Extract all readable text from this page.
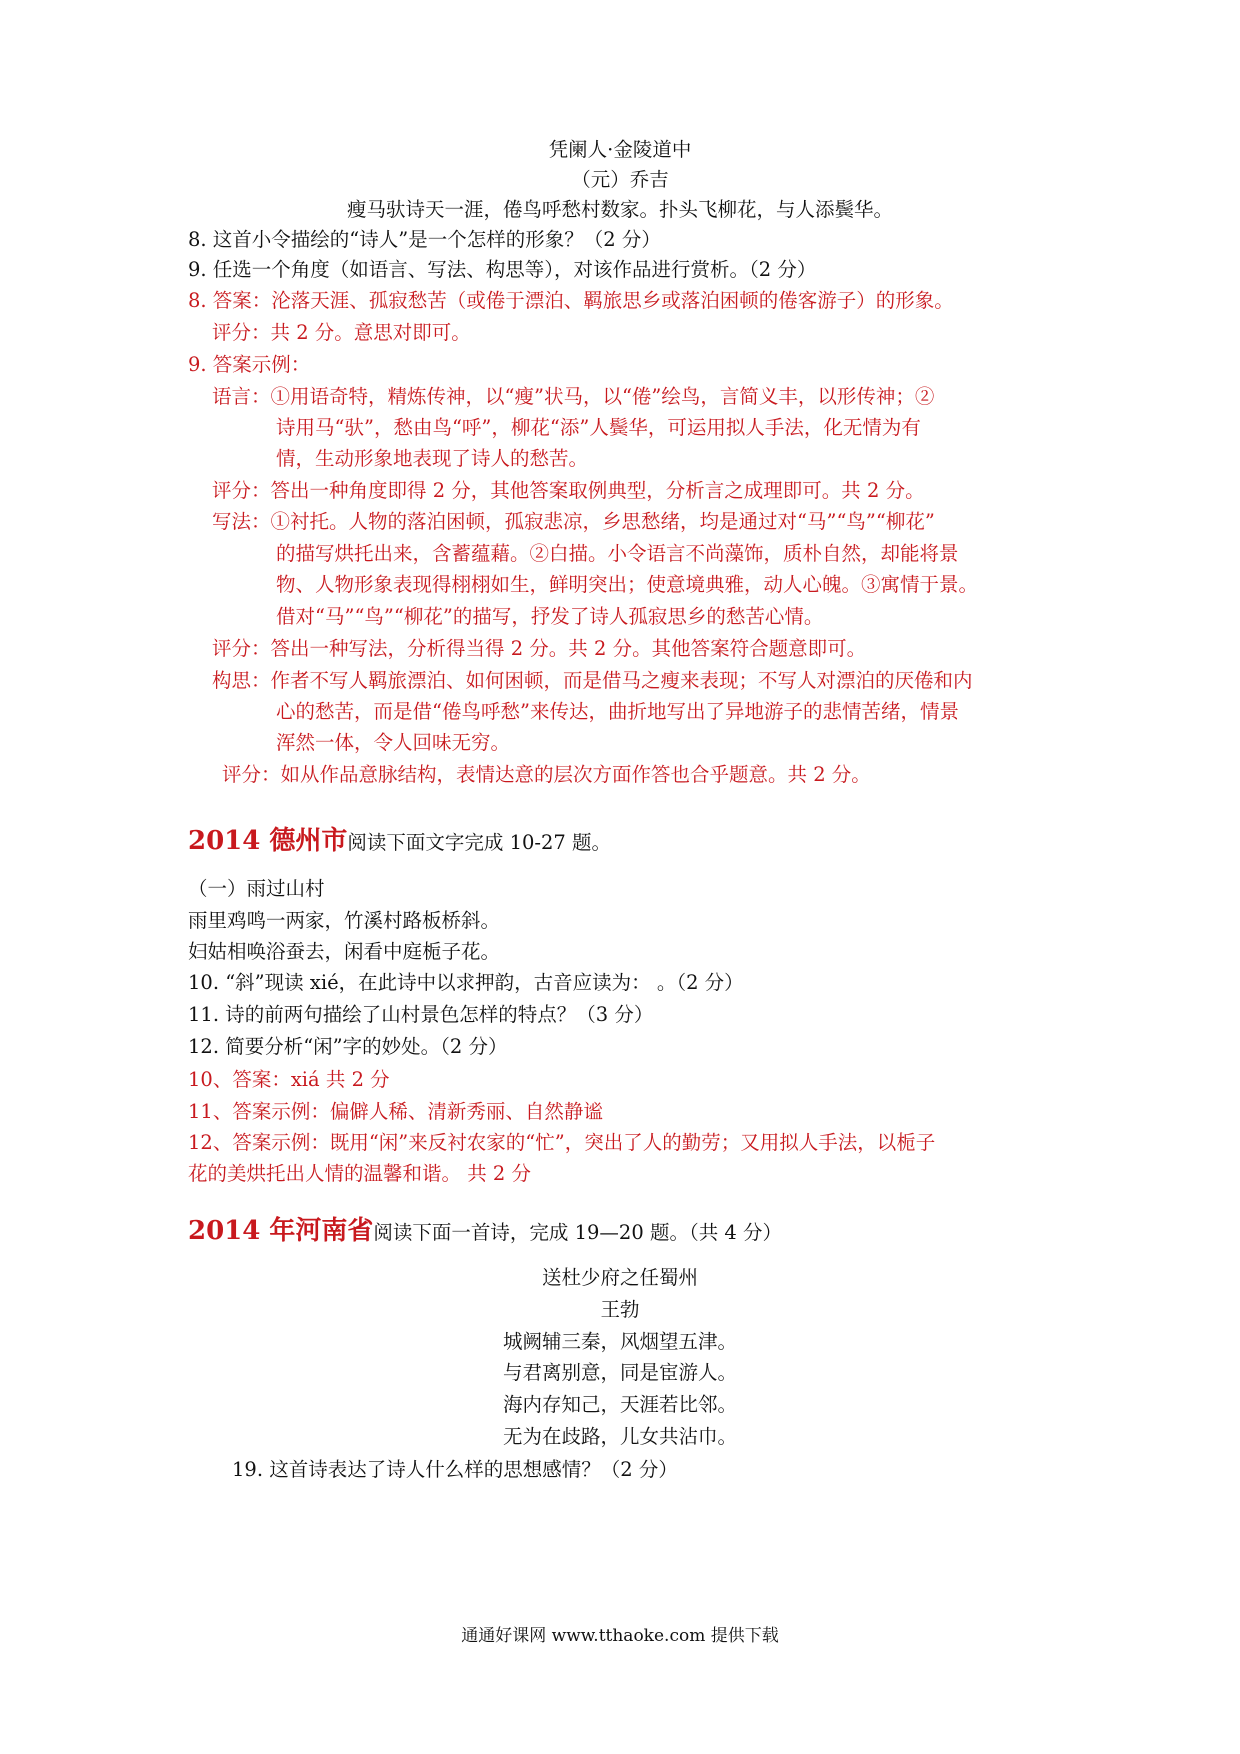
凭阑人·金陵道中
（元）乔吉
瘦马驮诗天一涯，倦鸟呼愁村数家。扑头飞柳花，与人添鬓华。
8. 这首小令描绘的“诗人”是一个怎样的形象？（2 分）
9. 任选一个角度（如语言、写法、构思等），对该作品进行赏析。（2 分）
8. 答案：沦落天涯、孤寂愁苦（或倦于漂泊、羁旅思乡或落泊困顿的倦客游子）的形象。
评分：共 2 分。意思对即可。
9. 答案示例：
语言：①用语奇特，精炼传神，以“瘦”状马，以“倦”绘鸟，言简义丰，以形传神；②
诗用马“驮”，愁由鸟“呼”，柳花“添”人鬓华，可运用拟人手法，化无情为有
情，生动形象地表现了诗人的愁苦。
评分：答出一种角度即得 2 分，其他答案取例典型，分析言之成理即可。共 2 分。
写法：①衬托。人物的落泊困顿，孤寂悲凉，乡思愁绪，均是通过对“马”“鸟”“柳花”
的描写烘托出来，含蓄蕴藉。②白描。小令语言不尚藻饰，质朴自然，却能将景
物、人物形象表现得栩栩如生，鲜明突出；使意境典雅，动人心魄。③寓情于景。
借对“马”“鸟”“柳花”的描写，抒发了诗人孤寂思乡的愁苦心情。
评分：答出一种写法，分析得当得 2 分。共 2 分。其他答案符合题意即可。
构思：作者不写人羁旅漂泊、如何困顿，而是借马之瘦来表现；不写人对漂泊的厌倦和内
心的愁苦，而是借“倦鸟呼愁”来传达，曲折地写出了异地游子的悲情苦绪，情景
浑然一体，令人回味无穷。
评分：如从作品意脉结构，表情达意的层次方面作答也合乎题意。共 2 分。
2014 德州市阅读下面文字完成 10-27 题。
（一）雨过山村
雨里鸡鸣一两家，竹溪村路板桥斜。
妇姑相唤浴蚕去，闲看中庭栀子花。
10. “斜”现读 xié，在此诗中以求押韵，古音应读为： 。（2 分）
11. 诗的前两句描绘了山村景色怎样的特点？（3 分）
12. 简要分析“闲”字的妙处。（2 分）
10、答案：xiá 共 2 分
11、答案示例：偏僻人稀、清新秀丽、自然静谧
12、答案示例：既用“闲”来反衬农家的“忙”，突出了人的勤劳；又用拟人手法，以栀子
花的美烘托出人情的温馨和谐。 共 2 分
2014 年河南省阅读下面一首诗，完成 19—20 题。（共 4 分）
送杜少府之任蜀州
王勃
城阙辅三秦，风烟望五津。
与君离别意，同是宦游人。
海内存知己，天涯若比邻。
无为在歧路，儿女共沾巾。
19. 这首诗表达了诗人什么样的思想感情？（2 分）
通通好课网 www.tthaoke.com 提供下载
